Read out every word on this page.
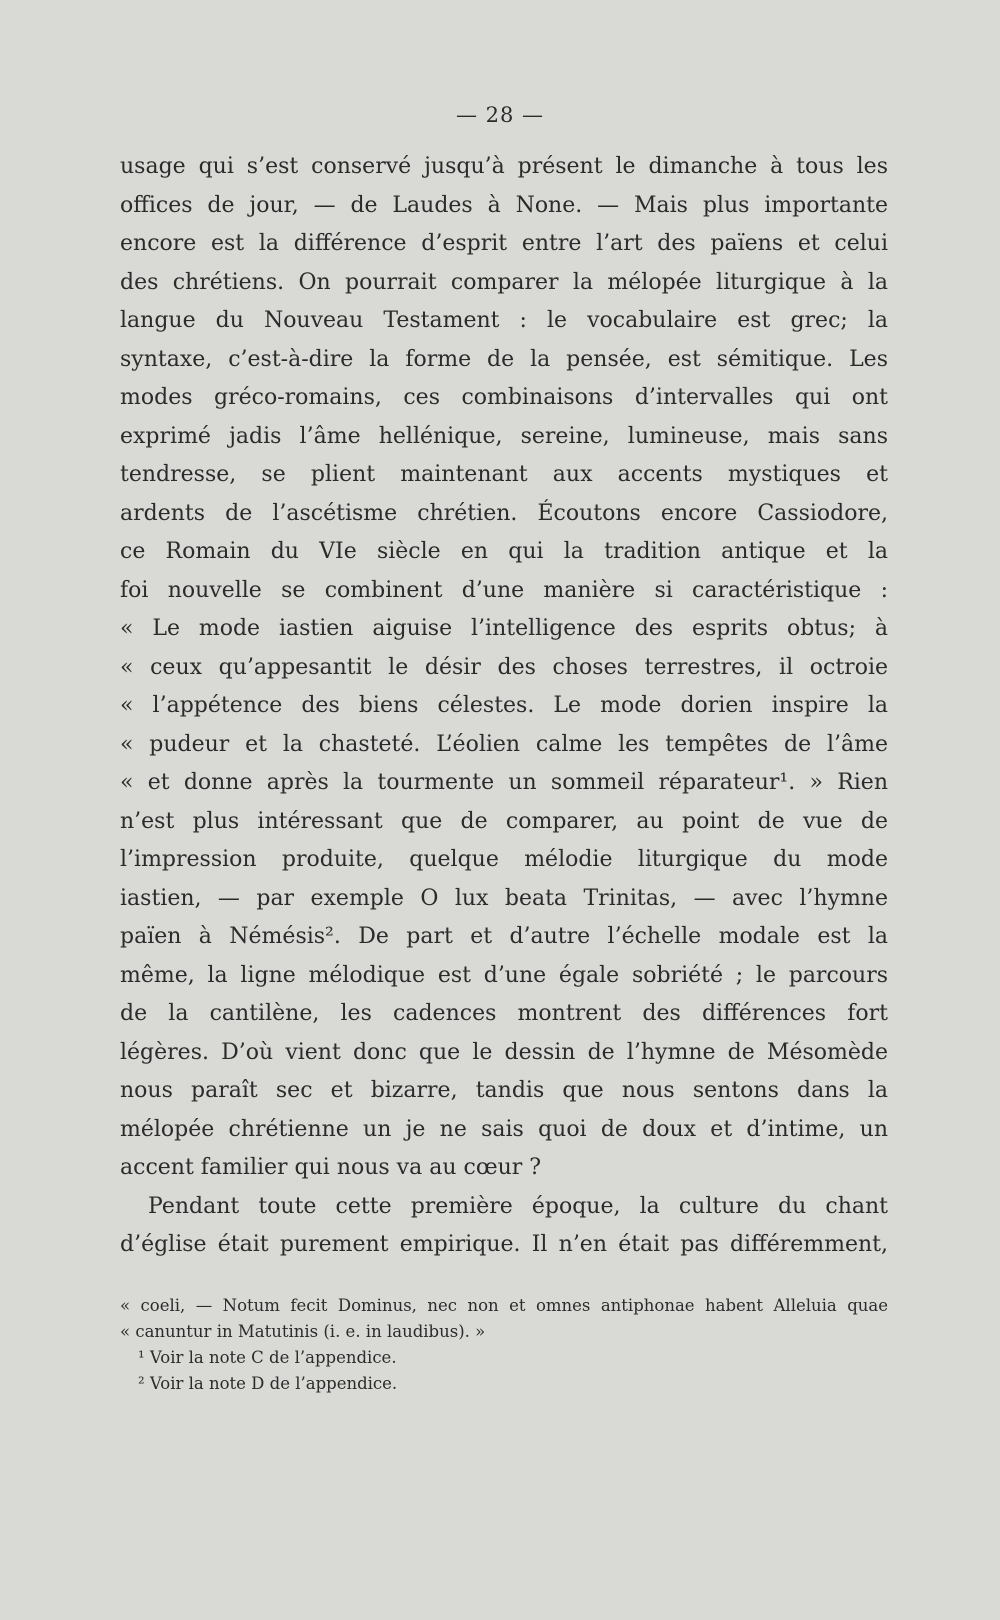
— 28 —
usage qui s’est conservé jusqu’à présent le dimanche à tous les
offices de jour, — de Laudes à None. — Mais plus importante
encore est la différence d’esprit entre l’art des païens et celui
des chrétiens. On pourrait comparer la mélopée liturgique à la
langue du Nouveau Testament : le vocabulaire est grec; la
syntaxe, c’est-à-dire la forme de la pensée, est sémitique. Les
modes gréco-romains, ces combinaisons d’intervalles qui ont
exprimé jadis l’âme hellénique, sereine, lumineuse, mais sans
tendresse, se plient maintenant aux accents mystiques et
ardents de l’ascétisme chrétien. Écoutons encore Cassiodore,
ce Romain du VIe siècle en qui la tradition antique et la
foi nouvelle se combinent d’une manière si caractéristique :
« Le mode iastien aiguise l’intelligence des esprits obtus; à
« ceux qu’appesantit le désir des choses terrestres, il octroie
« l’appétence des biens célestes. Le mode dorien inspire la
« pudeur et la chasteté. L’éolien calme les tempêtes de l’âme
« et donne après la tourmente un sommeil réparateur¹. » Rien
n’est plus intéressant que de comparer, au point de vue de
l’impression produite, quelque mélodie liturgique du mode
iastien, — par exemple O lux beata Trinitas, — avec l’hymne
païen à Némésis². De part et d’autre l’échelle modale est la
même, la ligne mélodique est d’une égale sobriété ; le parcours
de la cantilène, les cadences montrent des différences fort
légères. D’où vient donc que le dessin de l’hymne de Mésomède
nous paraît sec et bizarre, tandis que nous sentons dans la
mélopée chrétienne un je ne sais quoi de doux et d’intime, un
accent familier qui nous va au cœur ?
Pendant toute cette première époque, la culture du chant
d’église était purement empirique. Il n’en était pas différemment,
« coeli, — Notum fecit Dominus, nec non et omnes antiphonae habent Alleluia quae
« canuntur in Matutinis (i. e. in laudibus). »
¹ Voir la note C de l’appendice.
² Voir la note D de l’appendice.
